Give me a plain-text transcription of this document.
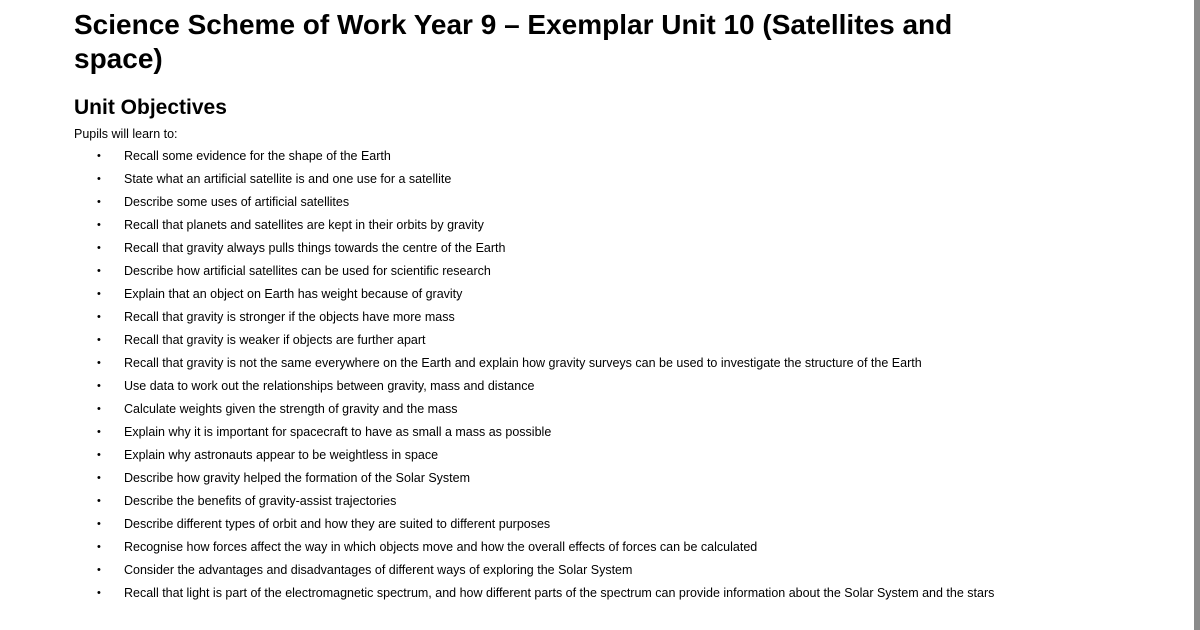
Science Scheme of Work Year 9 – Exemplar Unit 10 (Satellites and space)
Unit Objectives

Pupils will learn to:

• Recall some evidence for the shape of the Earth
• State what an artificial satellite is and one use for a satellite
• Describe some uses of artificial satellites
• Recall that planets and satellites are kept in their orbits by gravity
• Recall that gravity always pulls things towards the centre of the Earth
• Describe how artificial satellites can be used for scientific research
• Explain that an object on Earth has weight because of gravity
• Recall that gravity is stronger if the objects have more mass
• Recall that gravity is weaker if objects are further apart
• Recall that gravity is not the same everywhere on the Earth and explain how gravity surveys can be used to investigate the structure of the Earth
• Use data to work out the relationships between gravity, mass and distance
• Calculate weights given the strength of gravity and the mass
• Explain why it is important for spacecraft to have as small a mass as possible
• Explain why astronauts appear to be weightless in space
• Describe how gravity helped the formation of the Solar System
• Describe the benefits of gravity-assist trajectories
• Describe different types of orbit and how they are suited to different purposes
• Recognise how forces affect the way in which objects move and how the overall effects of forces can be calculated
• Consider the advantages and disadvantages of different ways of exploring the Solar System
• Recall that light is part of the electromagnetic spectrum, and how different parts of the spectrum can provide information about the Solar System and the stars
